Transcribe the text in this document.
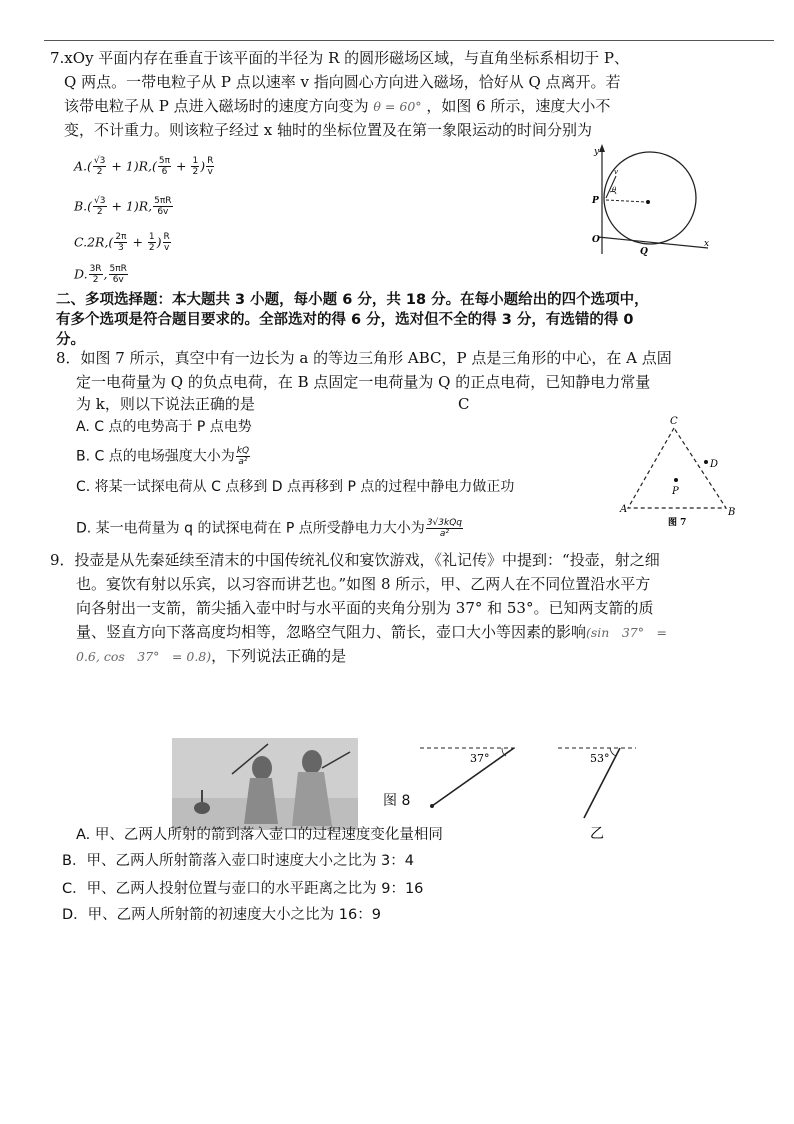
7.xOy 平面内存在垂直于该平面的半径为 R 的圆形磁场区域，与直角坐标系相切于 P、
Q 两点。一带电粒子从 P 点以速率 v 指向圆心方向进入磁场，恰好从 Q 点离开。若
该带电粒子从 P 点进入磁场时的速度方向变为 θ = 60° ，如图 6 所示，速度大小不
变，不计重力。则该粒子经过 x 轴时的坐标位置及在第一象限运动的时间分别为
$A.( \frac{√3}{2} + 1)R,( \frac{5\pi}{6} + \frac{1}{2}$ ) $\frac{R}{v}$
$B.( \frac{√3}{2} + 1)R$, $\frac{5\pi R}{6v}$
$C.2R,( \frac{2\pi}{3} + \frac{1}{2}$ ) $\frac{R}{v}$
D. $\frac{3R}{2}$ , $\frac{5\pi R}{6v}$
y
x
O
P
Q
v
θ
二、多项选择题：本大题共 3 小题，每小题 6 分，共 18 分。在每小题给出的四个选项中，
有多个选项是符合题目要求的。全部选对的得 6 分，选对但不全的得 3 分，有选错的得 0
分。
8．如图 7 所示，真空中有一边长为 a 的等边三角形 ABC，P 点是三角形的中心，在 A 点固
定一电荷量为 Q 的负点电荷，在 B 点固定一电荷量为 Q 的正点电荷，已知静电力常量
为 k，则以下说法正确的是	C
A. C 点的电势高于 P 点电势
B. C 点的电场强度大小为 $\frac{kQ}{\text{a²}}$
C. 将某一试探电荷从 C 点移到 D 点再移到 P 点的过程中静电力做正功
D. 某一电荷量为 q 的试探电荷在 P 点所受静电力大小为 $\frac{\text{3√3kQq}}{\text{a²}}$
C
A	B
D
P
图 7
9．投壶是从先秦延续至清末的中国传统礼仪和宴饮游戏，《礼记传》中提到：“投壶，射之细
也。宴饮有射以乐宾，以习容而讲艺也。”如图 8 所示，甲、乙两人在不同位置沿水平方
向各射出一支箭，箭尖插入壶中时与水平面的夹角分别为 37° 和 53°。已知两支箭的质
量、竖直方向下落高度均相等，忽略空气阻力、箭长，壶口大小等因素的影响(sin　37°　=
0.6, cos　37°　= 0.8)，下列说法正确的是
图 8
37°	53°
乙
A. 甲、乙两人所射的箭到落入壶口的过程速度变化量相同
B．甲、乙两人所射箭落入壶口时速度大小之比为 3：4
C．甲、乙两人投射位置与壶口的水平距离之比为 9：16
D．甲、乙两人所射箭的初速度大小之比为 16：9
